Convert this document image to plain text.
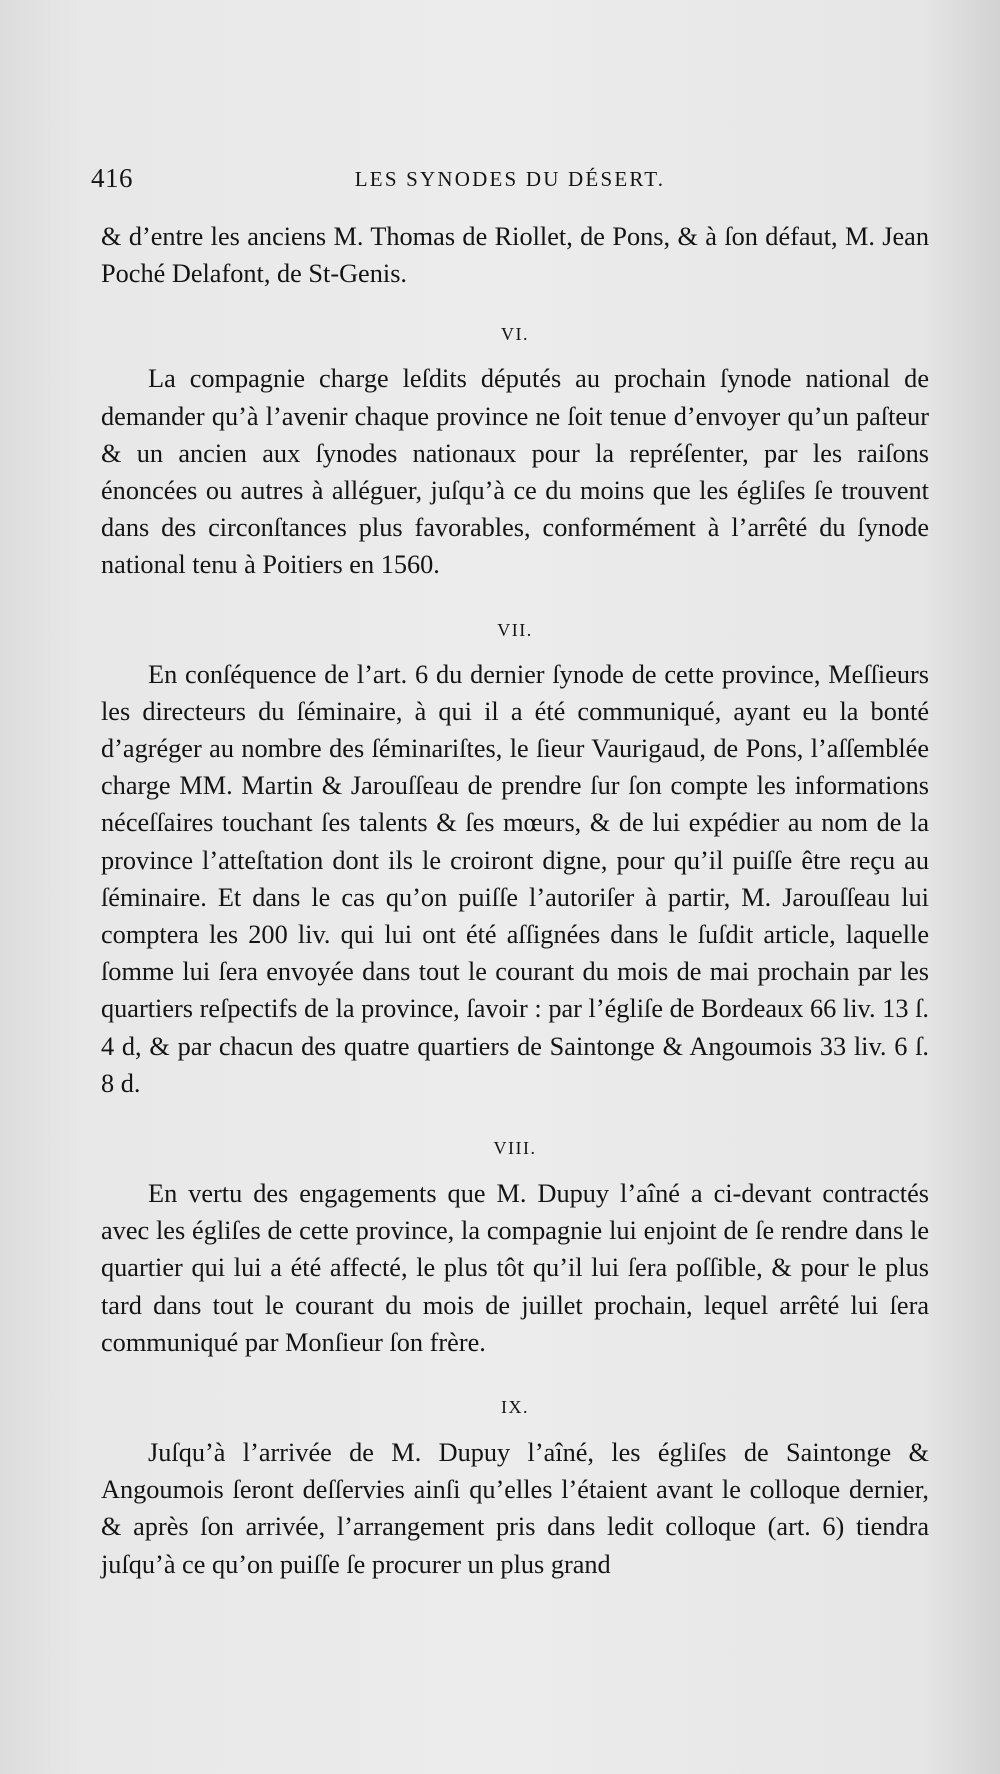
416	LES SYNODES DU DÉSERT.

& d’entre les anciens M. Thomas de Riollet, de Pons, & à ſon défaut, M. Jean Poché Delafont, de St-Genis.

VI.

La compagnie charge leſdits députés au prochain ſynode national de demander qu’à l’avenir chaque province ne ſoit tenue d’envoyer qu’un paſteur & un ancien aux ſynodes nationaux pour la repréſenter, par les raiſons énoncées ou autres à alléguer, juſqu’à ce du moins que les égliſes ſe trouvent dans des circonſtances plus favorables, conformément à l’arrêté du ſynode national tenu à Poitiers en 1560.

VII.

En conſéquence de l’art. 6 du dernier ſynode de cette province, Meſſieurs les directeurs du ſéminaire, à qui il a été communiqué, ayant eu la bonté d’agréger au nombre des ſéminariſtes, le ſieur Vaurigaud, de Pons, l’aſſemblée charge MM. Martin & Jarouſſeau de prendre ſur ſon compte les informations néceſſaires touchant ſes talents & ſes mœurs, & de lui expédier au nom de la province l’atteſtation dont ils le croiront digne, pour qu’il puiſſe être reçu au ſéminaire. Et dans le cas qu’on puiſſe l’autoriſer à partir, M. Jarouſſeau lui comptera les 200 liv. qui lui ont été aſſignées dans le ſuſdit article, laquelle ſomme lui ſera envoyée dans tout le courant du mois de mai prochain par les quartiers reſpectifs de la province, ſavoir : par l’égliſe de Bordeaux 66 liv. 13 ſ. 4 d, & par chacun des quatre quartiers de Saintonge & Angoumois 33 liv. 6 ſ. 8 d.

VIII.

En vertu des engagements que M. Dupuy l’aîné a ci-devant contractés avec les égliſes de cette province, la compagnie lui enjoint de ſe rendre dans le quartier qui lui a été affecté, le plus tôt qu’il lui ſera poſſible, & pour le plus tard dans tout le courant du mois de juillet prochain, lequel arrêté lui ſera communiqué par Monſieur ſon frère.

IX.

Juſqu’à l’arrivée de M. Dupuy l’aîné, les égliſes de Saintonge & Angoumois ſeront deſſervies ainſi qu’elles l’étaient avant le colloque dernier, & après ſon arrivée, l’arrangement pris dans ledit colloque (art. 6) tiendra juſqu’à ce qu’on puiſſe ſe procurer un plus grand
